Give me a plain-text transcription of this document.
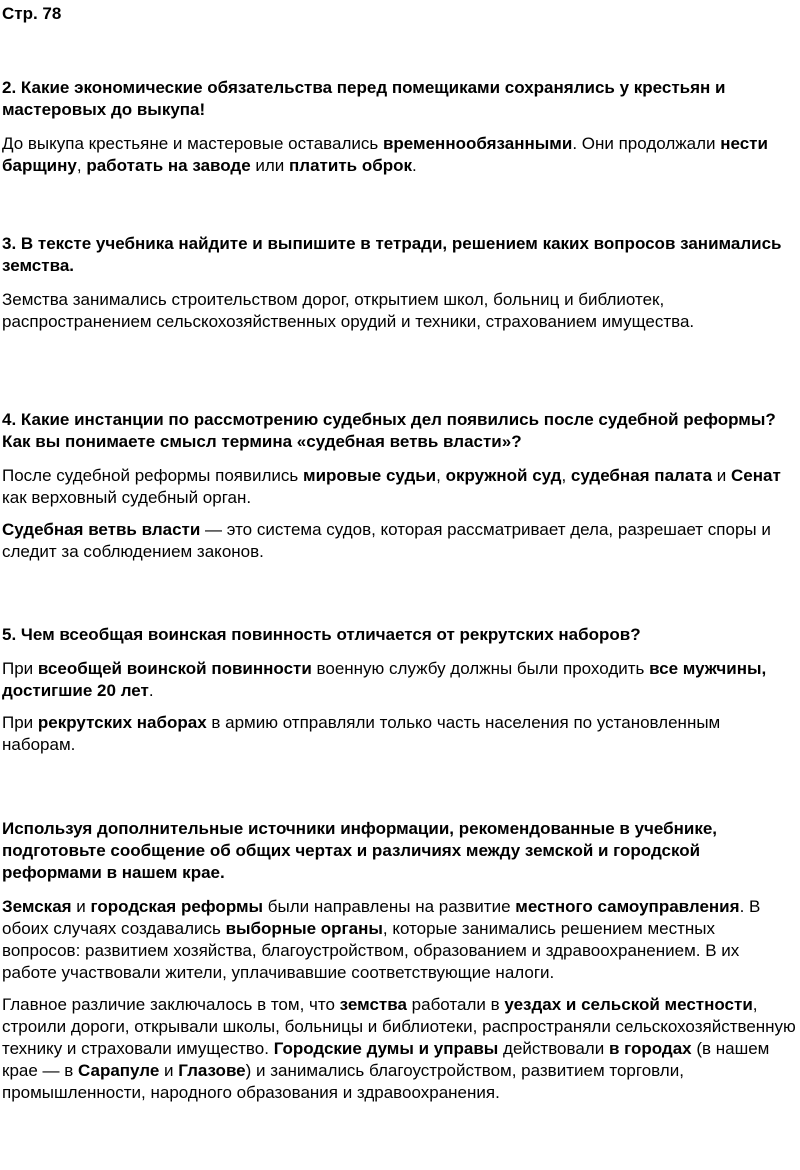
Стр. 78

2. Какие экономические обязательства перед помещиками сохранялись у крестьян и мастеровых до выкупа!

До выкупа крестьяне и мастеровые оставались временнообязанными. Они продолжали нести барщину, работать на заводе или платить оброк.

3. В тексте учебника найдите и выпишите в тетради, решением каких вопросов занимались земства.

Земства занимались строительством дорог, открытием школ, больниц и библиотек, распространением сельскохозяйственных орудий и техники, страхованием имущества.

4. Какие инстанции по рассмотрению судебных дел появились после судебной реформы? Как вы понимаете смысл термина «судебная ветвь власти»?

После судебной реформы появились мировые судьи, окружной суд, судебная палата и Сенат как верховный судебный орган.

Судебная ветвь власти — это система судов, которая рассматривает дела, разрешает споры и следит за соблюдением законов.

5. Чем всеобщая воинская повинность отличается от рекрутских наборов?

При всеобщей воинской повинности военную службу должны были проходить все мужчины, достигшие 20 лет.

При рекрутских наборах в армию отправляли только часть населения по установленным наборам.

Используя дополнительные источники информации, рекомендованные в учебнике, подготовьте сообщение об общих чертах и различиях между земской и городской реформами в нашем крае.

Земская и городская реформы были направлены на развитие местного самоуправления. В обоих случаях создавались выборные органы, которые занимались решением местных вопросов: развитием хозяйства, благоустройством, образованием и здравоохранением. В их работе участвовали жители, уплачивавшие соответствующие налоги.

Главное различие заключалось в том, что земства работали в уездах и сельской местности, строили дороги, открывали школы, больницы и библиотеки, распространяли сельскохозяйственную технику и страховали имущество. Городские думы и управы действовали в городах (в нашем крае — в Сарапуле и Глазове) и занимались благоустройством, развитием торговли, промышленности, народного образования и здравоохранения.
